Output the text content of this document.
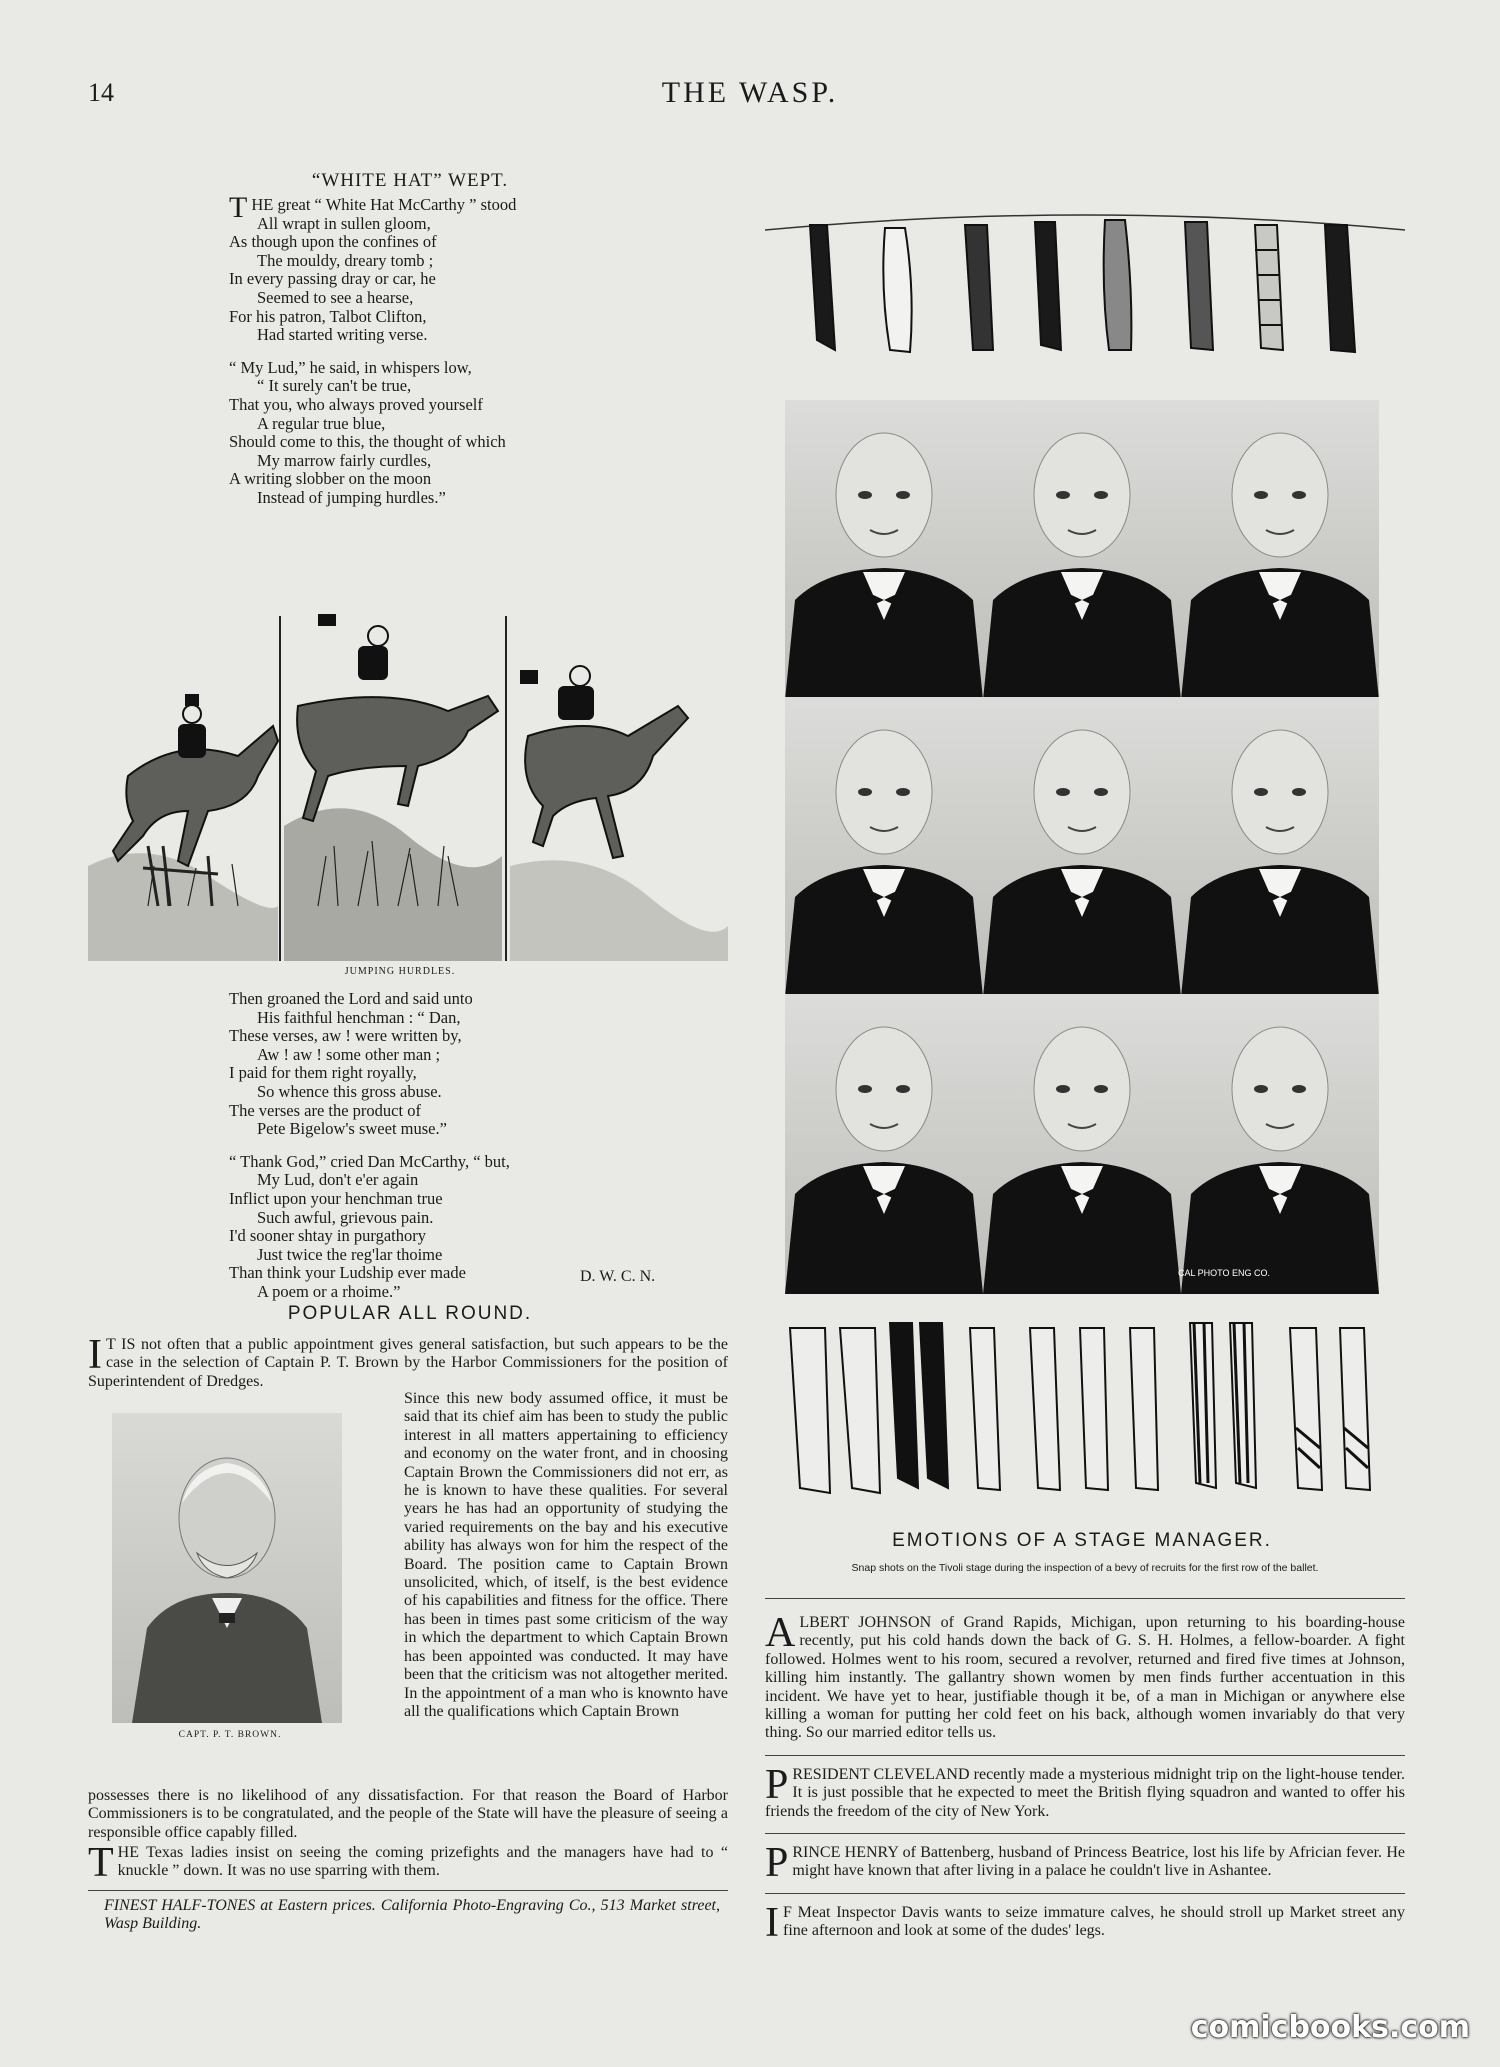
14	THE WASP.
“WHITE HAT” WEPT.
THE great “ White Hat McCarthy ” stood
All wrapt in sullen gloom,
As though upon the confines of
The mouldy, dreary tomb ;
In every passing dray or car, he
Seemed to see a hearse,
For his patron, Talbot Clifton,
Had started writing verse.
“ My Lud,” he said, in whispers low,
“ It surely can't be true,
That you, who always proved yourself
A regular true blue,
Should come to this, the thought of which
My marrow fairly curdles,
A writing slobber on the moon
Instead of jumping hurdles.”
JUMPING HURDLES.
Then groaned the Lord and said unto
His faithful henchman : “ Dan,
These verses, aw ! were written by,
Aw ! aw ! some other man ;
I paid for them right royally,
So whence this gross abuse.
The verses are the product of
Pete Bigelow's sweet muse.”
“ Thank God,” cried Dan McCarthy, “ but,
My Lud, don't e'er again
Inflict upon your henchman true
Such awful, grievous pain.
I'd sooner shtay in purgathory
Just twice the reg'lar thoime
Than think your Ludship ever made
A poem or a rhoime.”
D. W. C. N.
POPULAR ALL ROUND.
I T IS not often that a public appointment gives general satisfaction, but such appears to be the case in the selection of Captain P. T. Brown by the Harbor Commissioners for the position of Superintendent of Dredges.
CAPT. P. T. BROWN.
Since this new body assumed office, it must be said that its chief aim has been to study the public interest in all matters appertaining to efficiency and economy on the water front, and in choosing Captain Brown the Commissioners did not err, as he is known to have these qualities. For several years he has had an opportunity of studying the varied requirements on the bay and his executive ability has always won for him the respect of the Board. The position came to Captain Brown unsolicited, which, of itself, is the best evidence of his capabilities and fitness for the office. There has been in times past some criticism of the way in which the department to which Captain Brown has been appointed was conducted. It may have been that the criticism was not altogether merited. In the appointment of a man who is knownto have all the qualifications which Captain Brown
possesses there is no likelihood of any dissatisfaction. For that reason the Board of Harbor Commissioners is to be congratulated, and the people of the State will have the pleasure of seeing a responsible office capably filled.
THE Texas ladies insist on seeing the coming prizefights and the managers have had to “ knuckle ” down. It was no use sparring with them.
FINEST HALF-TONES at Eastern prices. California Photo-Engraving Co., 513 Market street, Wasp Building.
CAL PHOTO ENG CO.
EMOTIONS OF A STAGE MANAGER.
Snap shots on the Tivoli stage during the inspection of a bevy of recruits for the first row of the ballet.
ALBERT JOHNSON of Grand Rapids, Michigan, upon returning to his boarding-house recently, put his cold hands down the back of G. S. H. Holmes, a fellow-boarder. A fight followed. Holmes went to his room, secured a revolver, returned and fired five times at Johnson, killing him instantly. The gallantry shown women by men finds further accentuation in this incident. We have yet to hear, justifiable though it be, of a man in Michigan or anywhere else killing a woman for putting her cold feet on his back, although women invariably do that very thing. So our married editor tells us.
PRESIDENT CLEVELAND recently made a mysterious midnight trip on the light-house tender. It is just possible that he expected to meet the British flying squadron and wanted to offer his friends the freedom of the city of New York.
PRINCE HENRY of Battenberg, husband of Princess Beatrice, lost his life by Africian fever. He might have known that after living in a palace he couldn't live in Ashantee.
I F Meat Inspector Davis wants to seize immature calves, he should stroll up Market street any fine afternoon and look at some of the dudes' legs.
comicbooks.com
